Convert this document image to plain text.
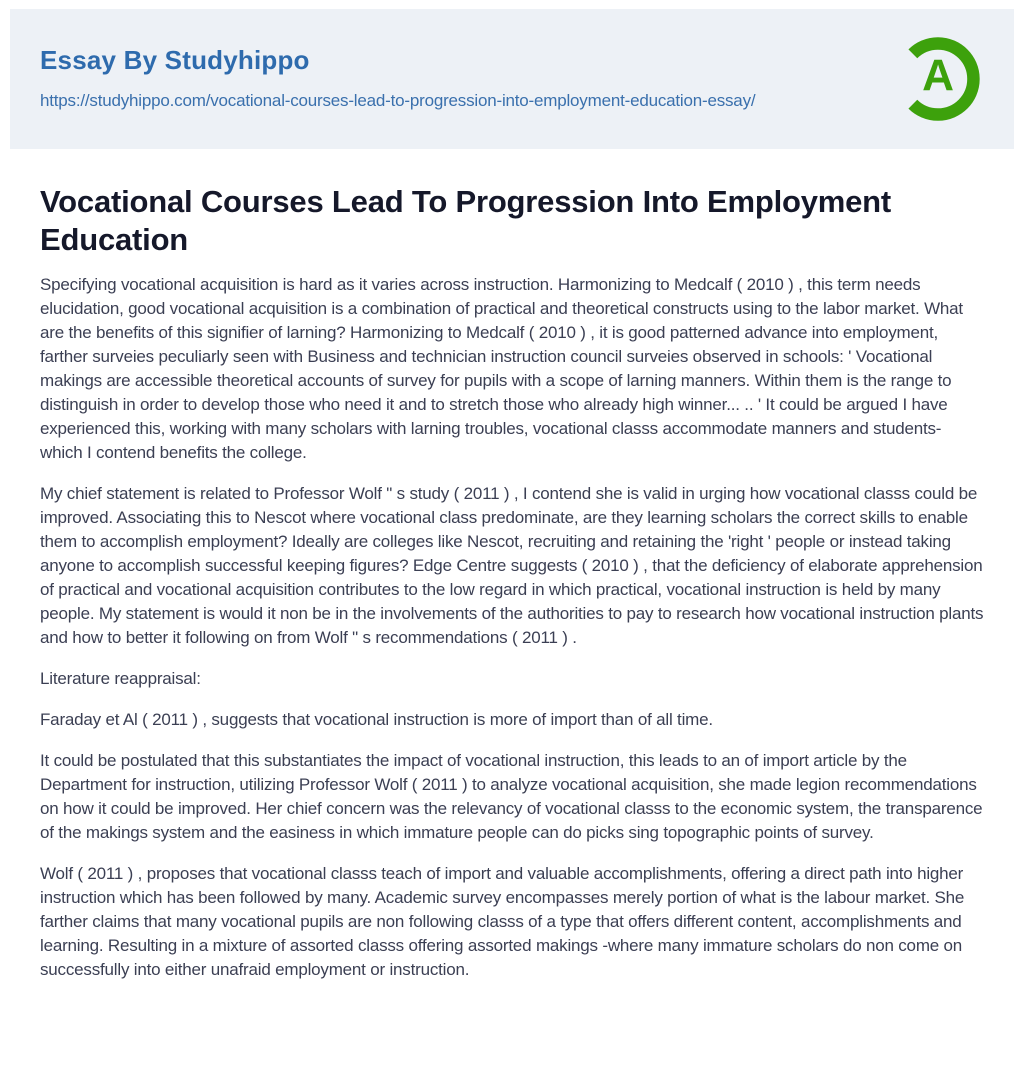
Essay By Studyhippo
https://studyhippo.com/vocational-courses-lead-to-progression-into-employment-education-essay/	A
Vocational Courses Lead To Progression Into Employment Education

Specifying vocational acquisition is hard as it varies across instruction. Harmonizing to Medcalf ( 2010 ) , this term needs elucidation, good vocational acquisition is a combination of practical and theoretical constructs using to the labor market. What are the benefits of this signifier of larning? Harmonizing to Medcalf ( 2010 ) , it is good patterned advance into employment, farther surveies peculiarly seen with Business and technician instruction council surveies observed in schools: ' Vocational makings are accessible theoretical accounts of survey for pupils with a scope of larning manners. Within them is the range to distinguish in order to develop those who need it and to stretch those who already high winner... .. ' It could be argued I have experienced this, working with many scholars with larning troubles, vocational classs accommodate manners and students- which I contend benefits the college.

My chief statement is related to Professor Wolf " s study ( 2011 ) , I contend she is valid in urging how vocational classs could be improved. Associating this to Nescot where vocational class predominate, are they learning scholars the correct skills to enable them to accomplish employment? Ideally are colleges like Nescot, recruiting and retaining the 'right ' people or instead taking anyone to accomplish successful keeping figures? Edge Centre suggests ( 2010 ) , that the deficiency of elaborate apprehension of practical and vocational acquisition contributes to the low regard in which practical, vocational instruction is held by many people. My statement is would it non be in the involvements of the authorities to pay to research how vocational instruction plants and how to better it following on from Wolf " s recommendations ( 2011 ) .

Literature reappraisal:

Faraday et Al ( 2011 ) , suggests that vocational instruction is more of import than of all time.

It could be postulated that this substantiates the impact of vocational instruction, this leads to an of import article by the Department for instruction, utilizing Professor Wolf ( 2011 ) to analyze vocational acquisition, she made legion recommendations on how it could be improved. Her chief concern was the relevancy of vocational classs to the economic system, the transparence of the makings system and the easiness in which immature people can do picks sing topographic points of survey.

Wolf ( 2011 ) , proposes that vocational classs teach of import and valuable accomplishments, offering a direct path into higher instruction which has been followed by many. Academic survey encompasses merely portion of what is the labour market. She farther claims that many vocational pupils are non following classs of a type that offers different content, accomplishments and learning. Resulting in a mixture of assorted classs offering assorted makings -where many immature scholars do non come on successfully into either unafraid employment or instruction.
